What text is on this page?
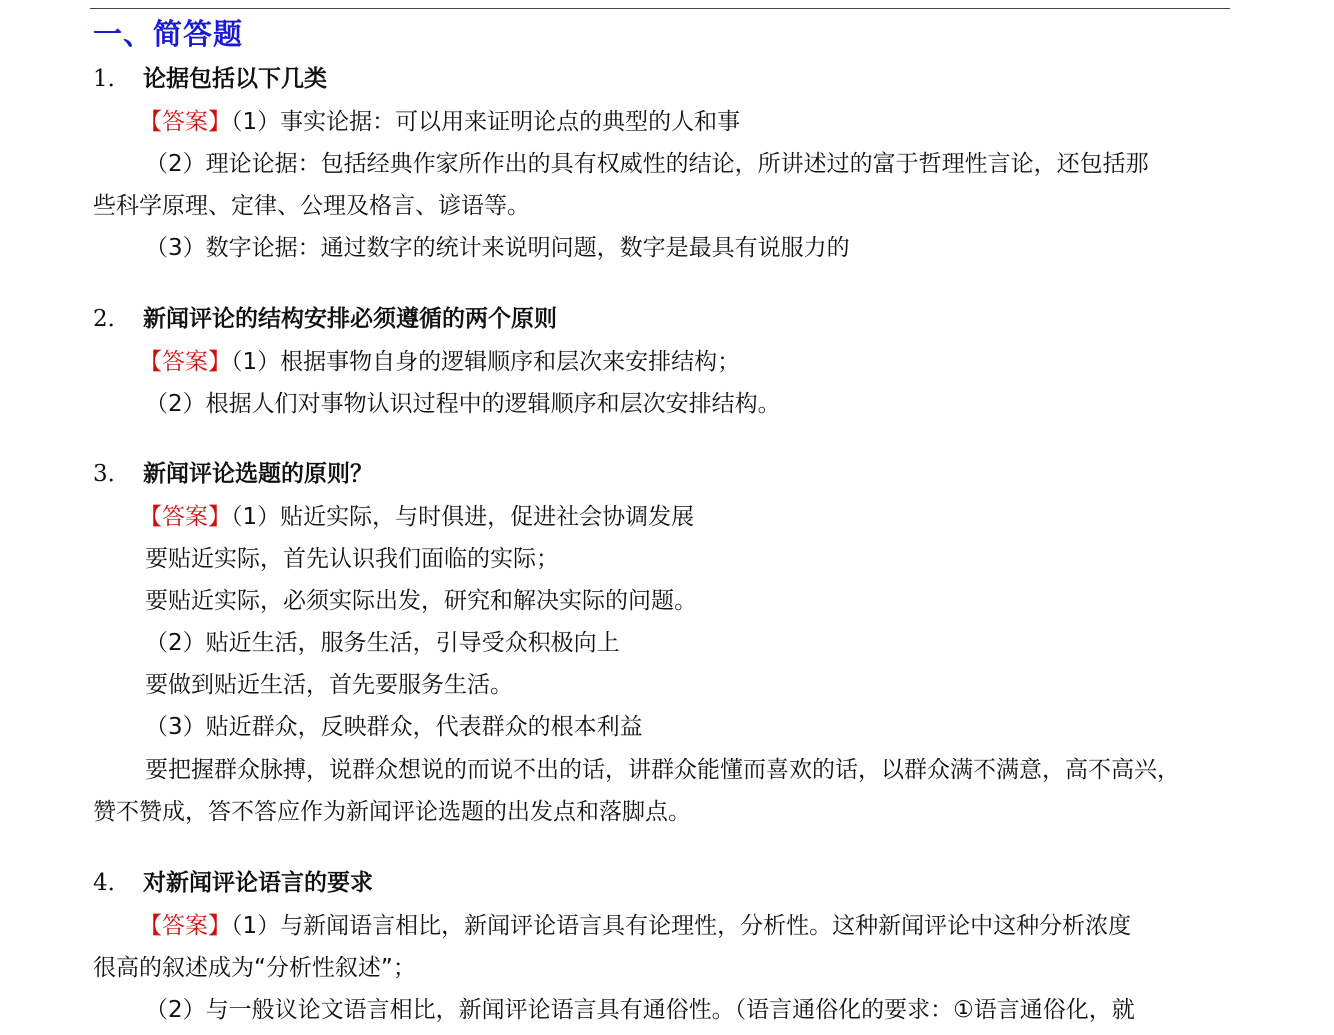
一、简答题
1． 论据包括以下几类
【答案】（1）事实论据：可以用来证明论点的典型的人和事
（2）理论论据：包括经典作家所作出的具有权威性的结论，所讲述过的富于哲理性言论，还包括那
些科学原理、定律、公理及格言、谚语等。
（3）数字论据：通过数字的统计来说明问题，数字是最具有说服力的
2． 新闻评论的结构安排必须遵循的两个原则
【答案】（1）根据事物自身的逻辑顺序和层次来安排结构；
（2）根据人们对事物认识过程中的逻辑顺序和层次安排结构。
3． 新闻评论选题的原则？
【答案】（1）贴近实际，与时俱进，促进社会协调发展
要贴近实际，首先认识我们面临的实际；
要贴近实际，必须实际出发，研究和解决实际的问题。
（2）贴近生活，服务生活，引导受众积极向上
要做到贴近生活，首先要服务生活。
（3）贴近群众，反映群众，代表群众的根本利益
要把握群众脉搏，说群众想说的而说不出的话，讲群众能懂而喜欢的话，以群众满不满意，高不高兴，
赞不赞成，答不答应作为新闻评论选题的出发点和落脚点。
4． 对新闻评论语言的要求
【答案】（1）与新闻语言相比，新闻评论语言具有论理性，分析性。这种新闻评论中这种分析浓度
很高的叙述成为“分析性叙述”；
（2）与一般议论文语言相比，新闻评论语言具有通俗性。（语言通俗化的要求：①语言通俗化，就
